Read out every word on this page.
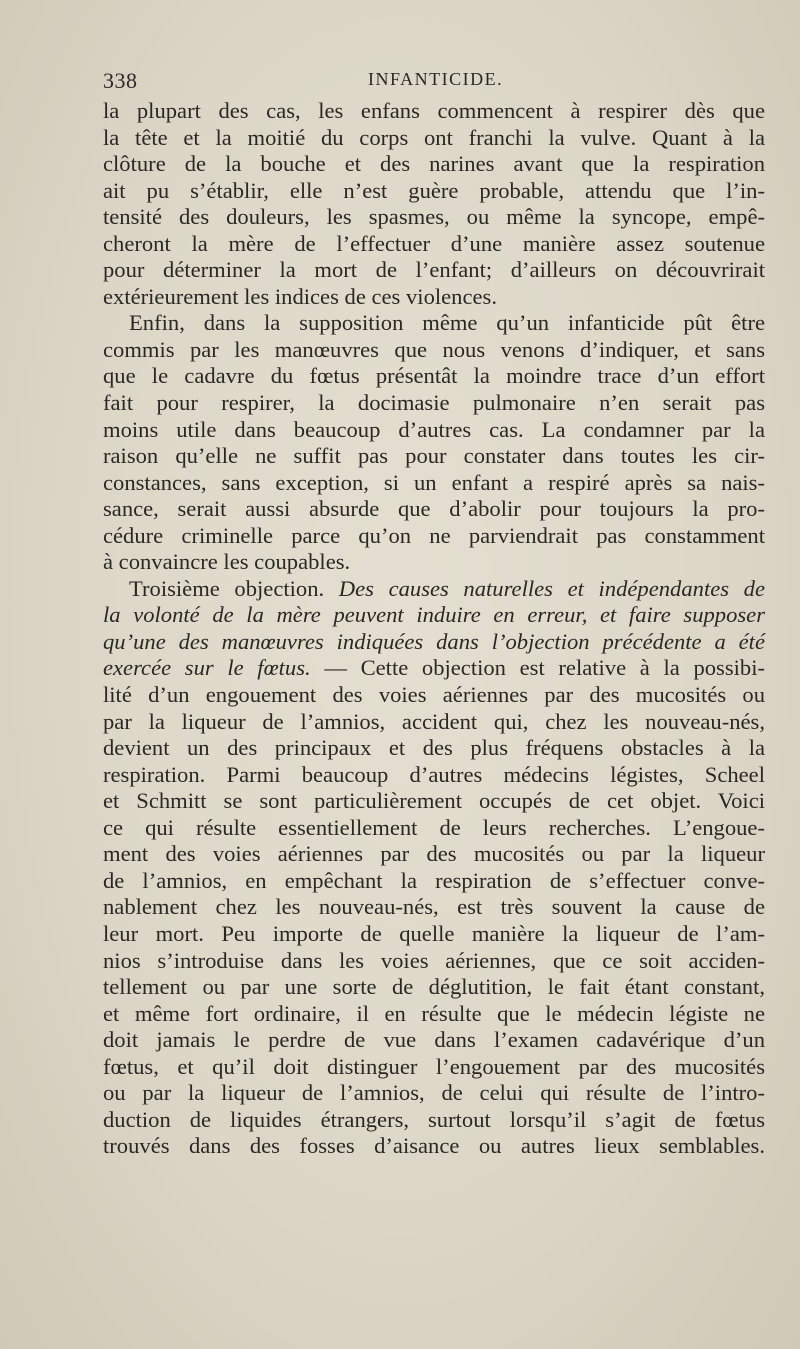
338	INFANTICIDE.
la plupart des cas, les enfans commencent à respirer dès que
la tête et la moitié du corps ont franchi la vulve. Quant à la
clôture de la bouche et des narines avant que la respiration
ait pu s’établir, elle n’est guère probable, attendu que l’in-
tensité des douleurs, les spasmes, ou même la syncope, empê-
cheront la mère de l’effectuer d’une manière assez soutenue
pour déterminer la mort de l’enfant; d’ailleurs on découvrirait
extérieurement les indices de ces violences.
Enfin, dans la supposition même qu’un infanticide pût être
commis par les manœuvres que nous venons d’indiquer, et sans
que le cadavre du fœtus présentât la moindre trace d’un effort
fait pour respirer, la docimasie pulmonaire n’en serait pas
moins utile dans beaucoup d’autres cas. La condamner par la
raison qu’elle ne suffit pas pour constater dans toutes les cir-
constances, sans exception, si un enfant a respiré après sa nais-
sance, serait aussi absurde que d’abolir pour toujours la pro-
cédure criminelle parce qu’on ne parviendrait pas constamment
à convaincre les coupables.
Troisième objection. Des causes naturelles et indépendantes de
la volonté de la mère peuvent induire en erreur, et faire supposer
qu’une des manœuvres indiquées dans l’objection précédente a été
exercée sur le fœtus. — Cette objection est relative à la possibi-
lité d’un engouement des voies aériennes par des mucosités ou
par la liqueur de l’amnios, accident qui, chez les nouveau-nés,
devient un des principaux et des plus fréquens obstacles à la
respiration. Parmi beaucoup d’autres médecins légistes, Scheel
et Schmitt se sont particulièrement occupés de cet objet. Voici
ce qui résulte essentiellement de leurs recherches. L’engoue-
ment des voies aériennes par des mucosités ou par la liqueur
de l’amnios, en empêchant la respiration de s’effectuer conve-
nablement chez les nouveau-nés, est très souvent la cause de
leur mort. Peu importe de quelle manière la liqueur de l’am-
nios s’introduise dans les voies aériennes, que ce soit acciden-
tellement ou par une sorte de déglutition, le fait étant constant,
et même fort ordinaire, il en résulte que le médecin légiste ne
doit jamais le perdre de vue dans l’examen cadavérique d’un
fœtus, et qu’il doit distinguer l’engouement par des mucosités
ou par la liqueur de l’amnios, de celui qui résulte de l’intro-
duction de liquides étrangers, surtout lorsqu’il s’agit de fœtus
trouvés dans des fosses d’aisance ou autres lieux semblables.
